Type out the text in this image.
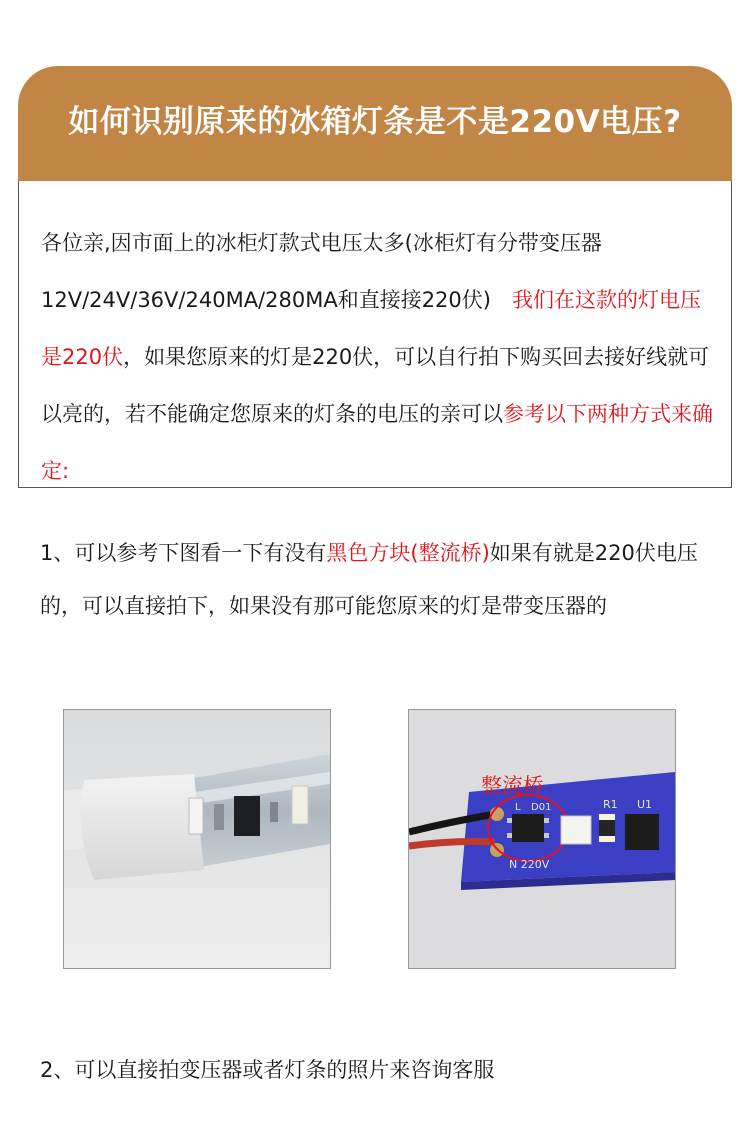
如何识别原来的冰箱灯条是不是220V电压?
各位亲,因市面上的冰柜灯款式电压太多(冰柜灯有分带变压器12V/24V/36V/240MA/280MA和直接接220伏)　我们在这款的灯电压是220伏，如果您原来的灯是220伏，可以自行拍下购买回去接好线就可以亮的，若不能确定您原来的灯条的电压的亲可以参考以下两种方式来确定:
1、可以参考下图看一下有没有黑色方块(整流桥)如果有就是220伏电压的，可以直接拍下，如果没有那可能您原来的灯是带变压器的
L D01
N 220V
R1 U1
整流桥
2、可以直接拍变压器或者灯条的照片来咨询客服
